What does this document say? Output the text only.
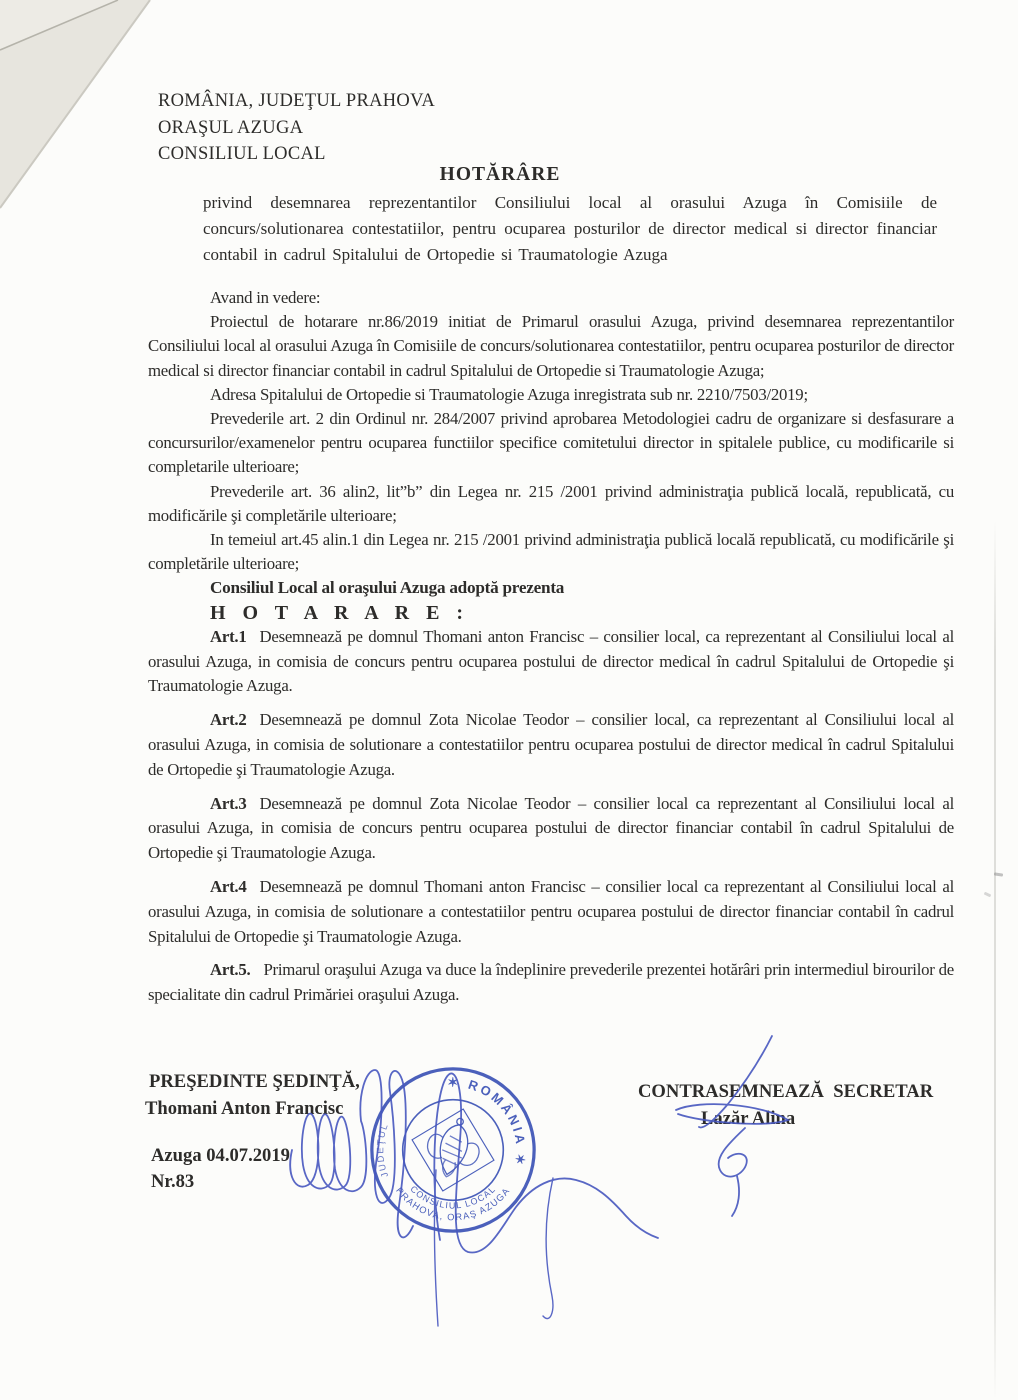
ROMÂNIA, JUDEŢUL PRAHOVA
ORAŞUL AZUGA
CONSILIUL LOCAL
HOTĂRÂRE
privind desemnarea reprezentantilor Consiliului local al orasului Azuga în Comisiile de concurs/solutionarea contestatiilor, pentru ocuparea posturilor de director medical si director financiar contabil in cadrul Spitalului de Ortopedie si Traumatologie Azuga

Avand in vedere:

Proiectul de hotarare nr.86/2019 initiat de Primarul orasului Azuga, privind desemnarea reprezentantilor Consiliului local al orasului Azuga în Comisiile de concurs/solutionarea contestatiilor, pentru ocuparea posturilor de director medical si director financiar contabil in cadrul Spitalului de Ortopedie si Traumatologie Azuga;

Adresa Spitalului de Ortopedie si Traumatologie Azuga inregistrata sub nr. 2210/7503/2019;

Prevederile art. 2 din Ordinul nr. 284/2007 privind aprobarea Metodologiei cadru de organizare si desfasurare a concursurilor/examenelor pentru ocuparea functiilor specifice comitetului director in spitalele publice, cu modificarile si completarile ulterioare;

Prevederile art. 36 alin2, lit”b” din Legea nr. 215 /2001 privind administraţia publică locală, republicată, cu modificările şi completările ulterioare;

In temeiul art.45 alin.1 din Legea nr. 215 /2001 privind administraţia publică locală republicată, cu modificările şi completările ulterioare;

Consiliul Local al oraşului Azuga adoptă prezenta

H O T A R A R E :

Art.1 Desemnează pe domnul Thomani anton Francisc – consilier local, ca reprezentant al Consiliului local al orasului Azuga, in comisia de concurs pentru ocuparea postului de director medical în cadrul Spitalului de Ortopedie şi Traumatologie Azuga.

Art.2 Desemnează pe domnul Zota Nicolae Teodor – consilier local, ca reprezentant al Consiliului local al orasului Azuga, in comisia de solutionare a contestatiilor pentru ocuparea postului de director medical în cadrul Spitalului de Ortopedie şi Traumatologie Azuga.

Art.3 Desemnează pe domnul Zota Nicolae Teodor – consilier local ca reprezentant al Consiliului local al orasului Azuga, in comisia de concurs pentru ocuparea postului de director financiar contabil în cadrul Spitalului de Ortopedie şi Traumatologie Azuga.

Art.4 Desemnează pe domnul Thomani anton Francisc – consilier local ca reprezentant al Consiliului local al orasului Azuga, in comisia de solutionare a contestatiilor pentru ocuparea postului de director financiar contabil în cadrul Spitalului de Ortopedie şi Traumatologie Azuga.

Art.5. Primarul oraşului Azuga va duce la îndeplinire prevederile prezentei hotărâri prin intermediul birourilor de specialitate din cadrul Primăriei oraşului Azuga.

PREŞEDINTE ŞEDINŢĂ,
Thomani Anton Francisc
Azuga 04.07.2019
Nr.83
CONTRASEMNEAZĂ  SECRETAR
Lazăr Alina
✶ ROMÂNIA ✶
JUDEŢUL
PRAHOVA, ORAŞ AZUGA
CONSILIUL LOCAL
